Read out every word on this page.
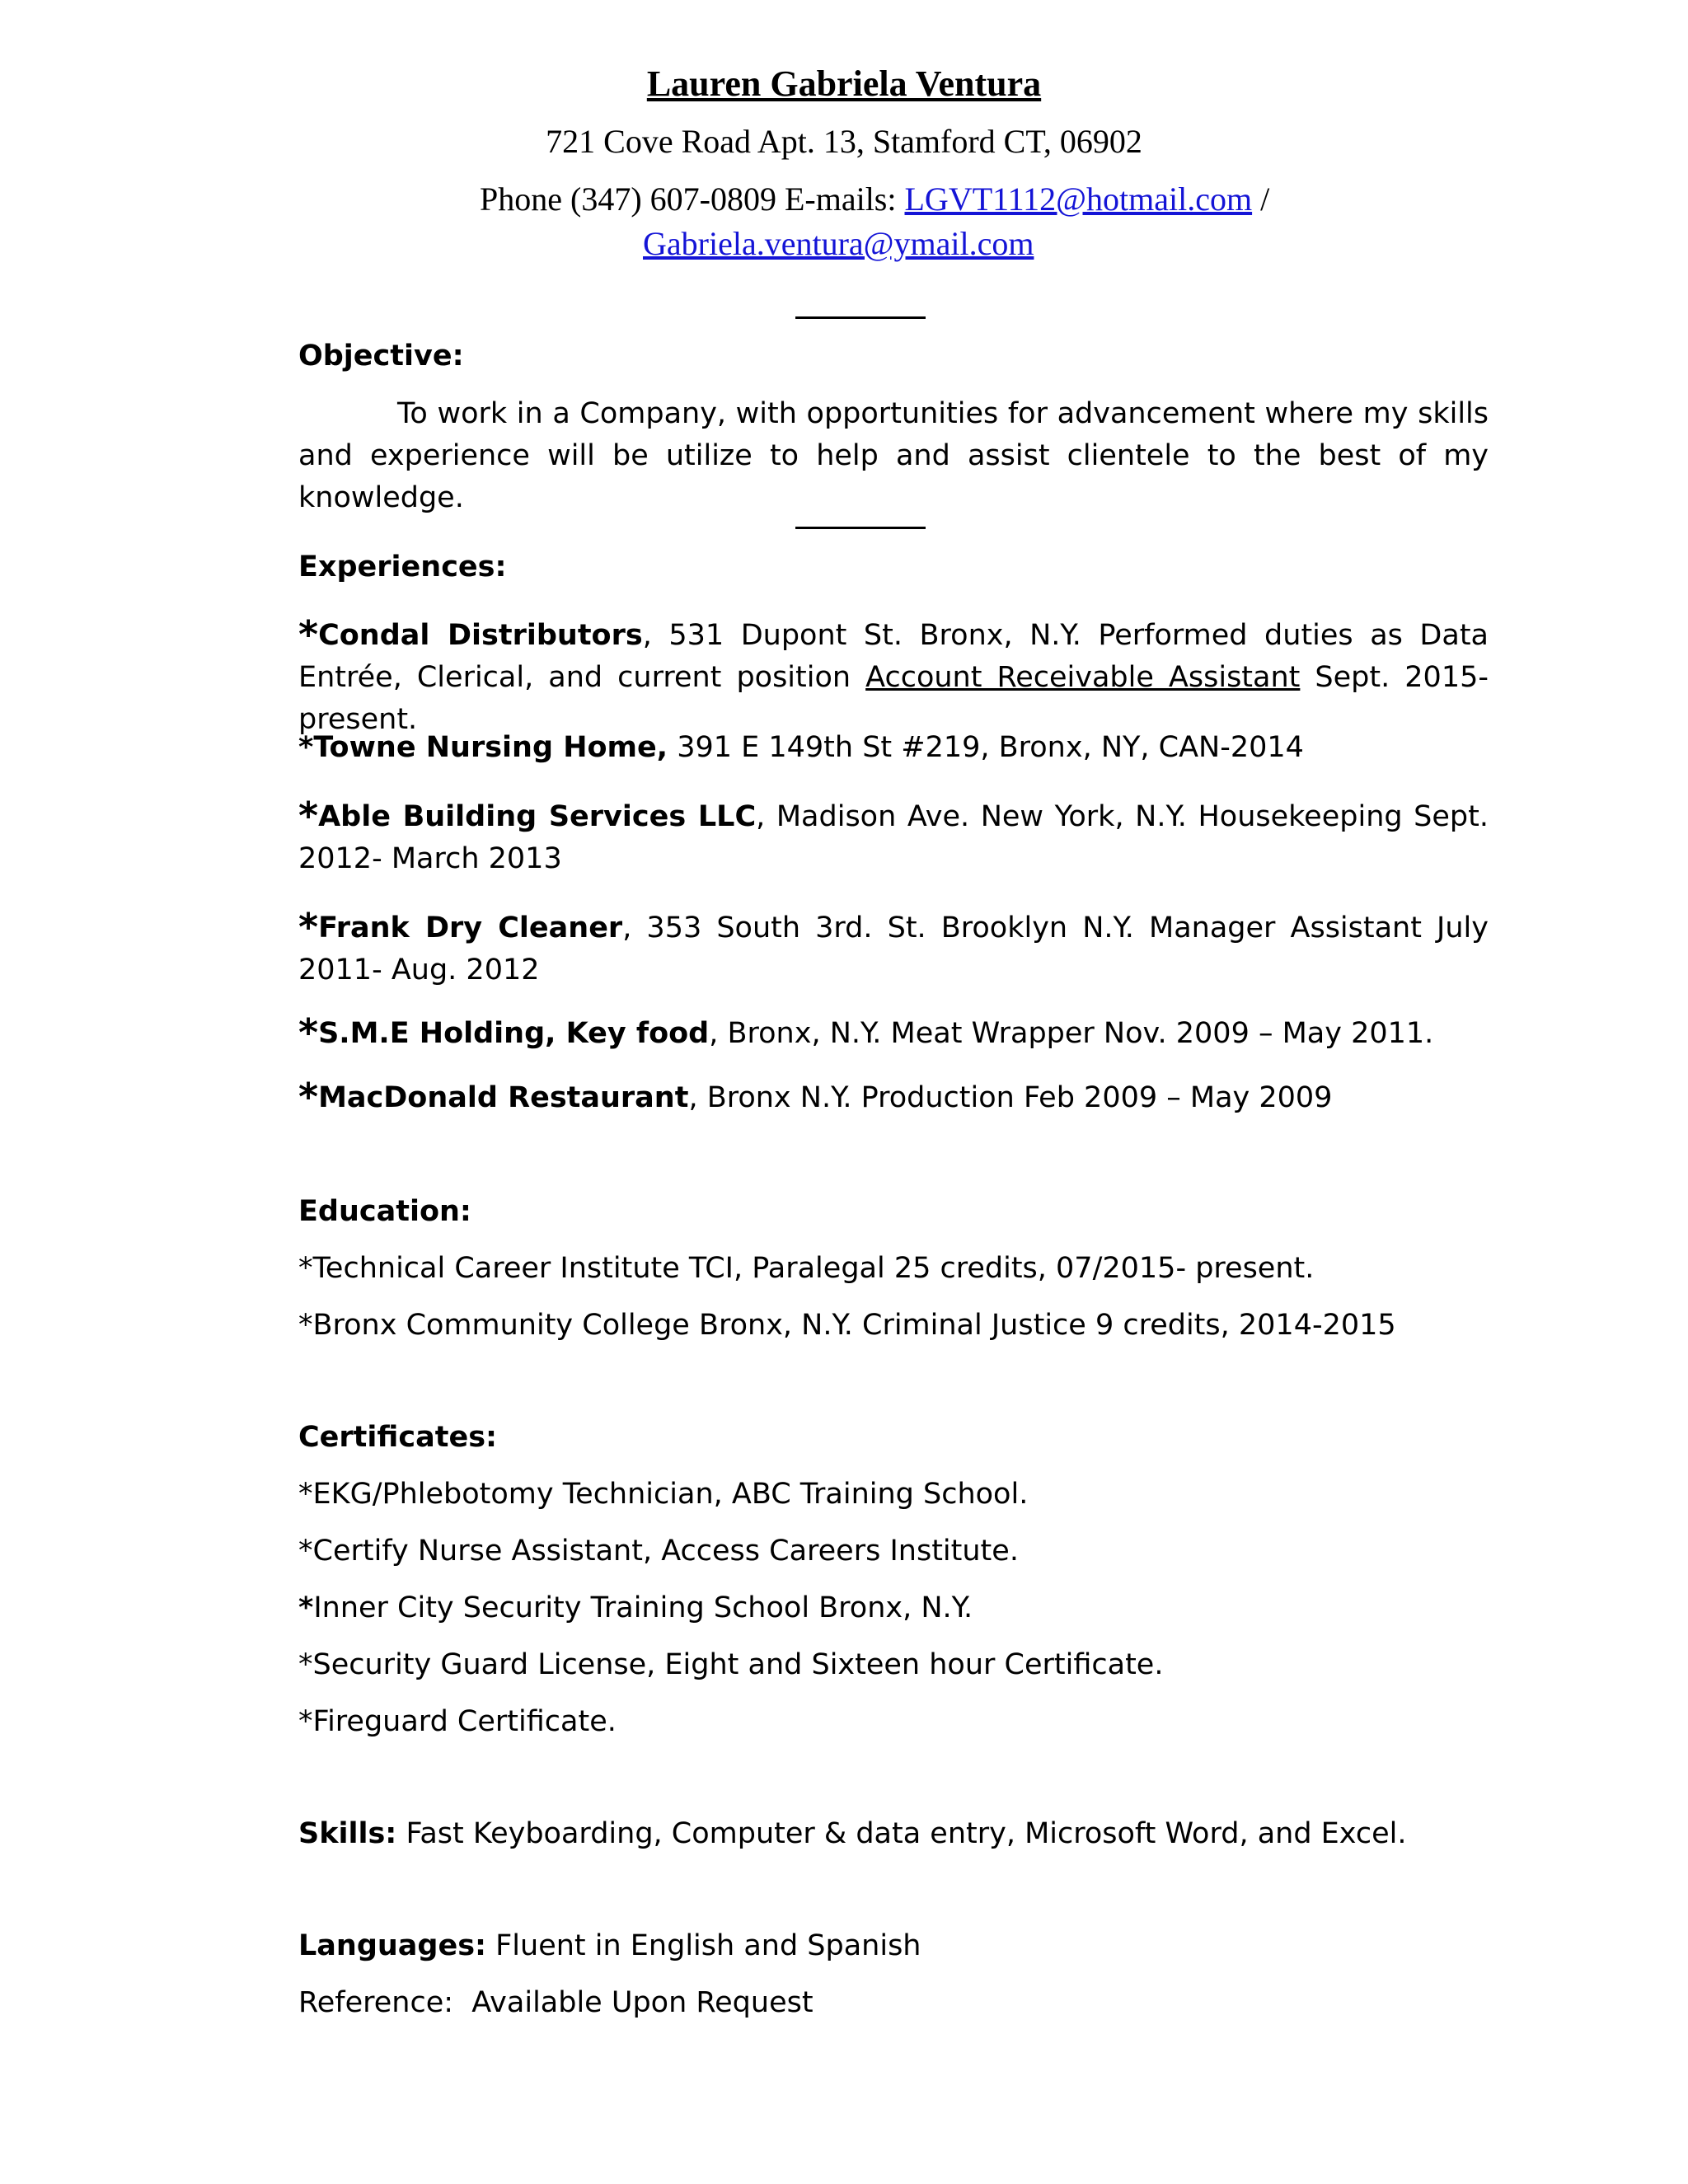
Lauren Gabriela Ventura
721 Cove Road Apt. 13, Stamford CT, 06902
Phone (347) 607-0809 E-mails: LGVT1112@hotmail.com /
Gabriela.ventura@ymail.com
Objective:
To work in a Company, with opportunities for advancement where my skills and experience will be utilize to help and assist clientele to the best of my knowledge.
Experiences:
*Condal Distributors, 531 Dupont St. Bronx, N.Y. Performed duties as Data Entrée, Clerical, and current position Account Receivable Assistant Sept. 2015- present.
*Towne Nursing Home, 391 E 149th St #219, Bronx, NY, CAN-2014
*Able Building Services LLC, Madison Ave. New York, N.Y. Housekeeping Sept. 2012- March 2013
*Frank Dry Cleaner, 353 South 3rd. St. Brooklyn N.Y. Manager Assistant July 2011- Aug. 2012
*S.M.E Holding, Key food, Bronx, N.Y. Meat Wrapper Nov. 2009 – May 2011.
*MacDonald Restaurant, Bronx N.Y. Production Feb 2009 – May 2009
Education:
*Technical Career Institute TCI, Paralegal 25 credits, 07/2015- present.
*Bronx Community College Bronx, N.Y. Criminal Justice 9 credits, 2014-2015
Certificates:
*EKG/Phlebotomy Technician, ABC Training School.
*Certify Nurse Assistant, Access Careers Institute.
*Inner City Security Training School Bronx, N.Y.
*Security Guard License, Eight and Sixteen hour Certificate.
*Fireguard Certificate.
Skills: Fast Keyboarding, Computer & data entry, Microsoft Word, and Excel.
Languages: Fluent in English and Spanish
Reference:  Available Upon Request
